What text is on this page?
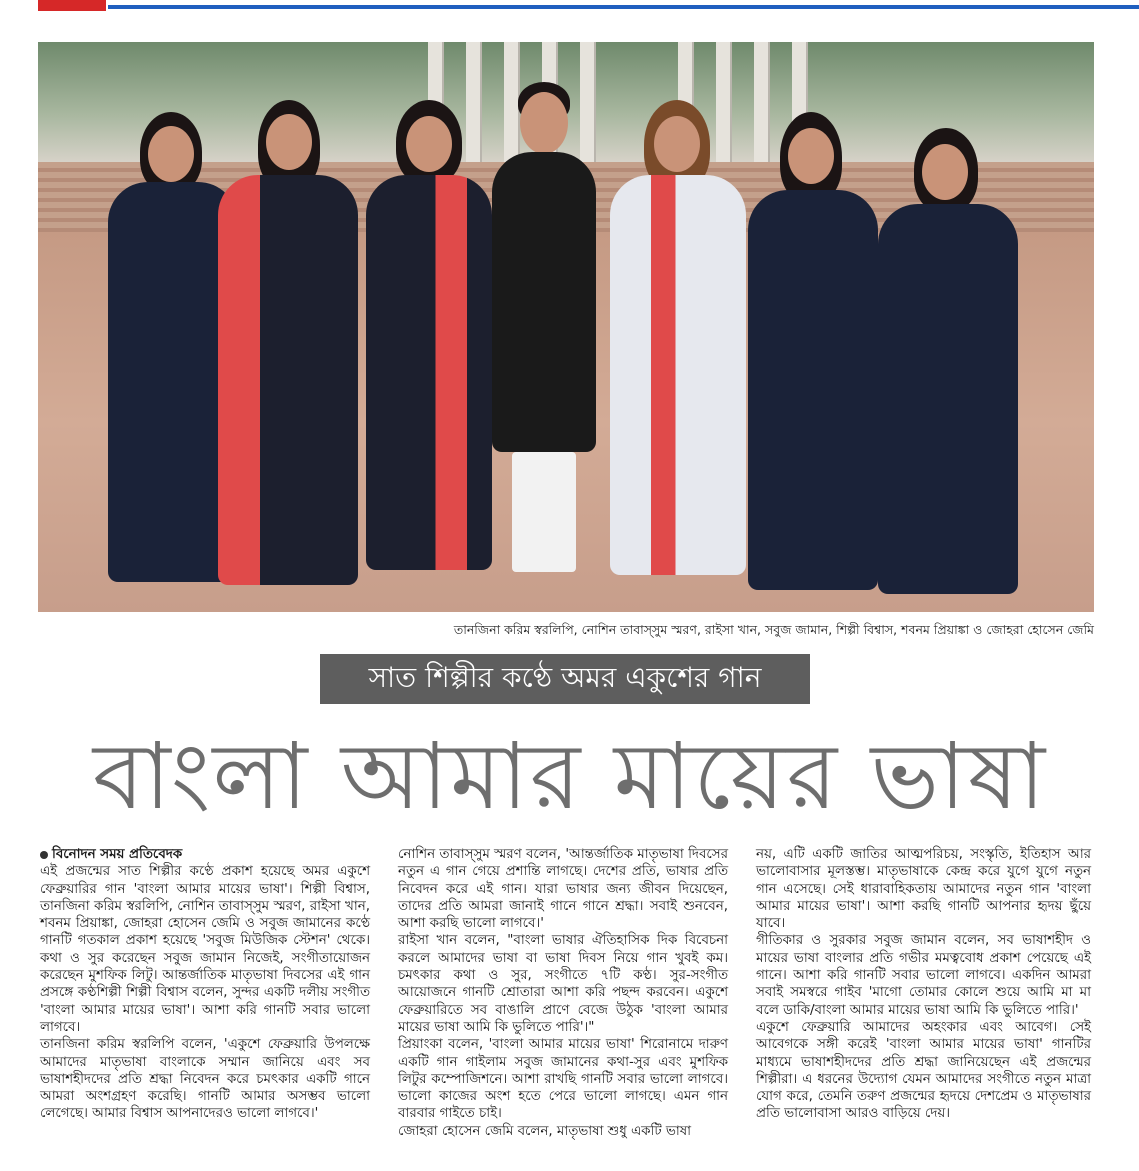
তানজিনা করিম স্বরলিপি, নোশিন তাবাস্সুম স্মরণ, রাইসা খান, সবুজ জামান, শিল্পী বিশ্বাস, শবনম প্রিয়াঙ্কা ও জোহরা হোসেন জেমি
সাত শিল্পীর কণ্ঠে অমর একুশের গান
বাংলা আমার মায়ের ভাষা
বিনোদন সময় প্রতিবেদক

এই প্রজন্মের সাত শিল্পীর কণ্ঠে প্রকাশ হয়েছে অমর একুশে ফেব্রুয়ারির গান 'বাংলা আমার মায়ের ভাষা'। শিল্পী বিশ্বাস, তানজিনা করিম স্বরলিপি, নোশিন তাবাস্সুম স্মরণ, রাইসা খান, শবনম প্রিয়াঙ্কা, জোহরা হোসেন জেমি ও সবুজ জামানের কণ্ঠে গানটি গতকাল প্রকাশ হয়েছে 'সবুজ মিউজিক স্টেশন' থেকে। কথা ও সুর করেছেন সবুজ জামান নিজেই, সংগীতায়োজন করেছেন মুশফিক লিটু। আন্তর্জাতিক মাতৃভাষা দিবসের এই গান প্রসঙ্গে কণ্ঠশিল্পী শিল্পী বিশ্বাস বলেন, সুন্দর একটি দলীয় সংগীত 'বাংলা আমার মায়ের ভাষা'। আশা করি গানটি সবার ভালো লাগবে।

তানজিনা করিম স্বরলিপি বলেন, 'একুশে ফেব্রুয়ারি উপলক্ষে আমাদের মাতৃভাষা বাংলাকে সম্মান জানিয়ে এবং সব ভাষাশহীদদের প্রতি শ্রদ্ধা নিবেদন করে চমৎকার একটি গানে আমরা অংশগ্রহণ করেছি। গানটি আমার অসম্ভব ভালো লেগেছে। আমার বিশ্বাস আপনাদেরও ভালো লাগবে।'

নোশিন তাবাস্সুম স্মরণ বলেন, 'আন্তর্জাতিক মাতৃভাষা দিবসের নতুন এ গান গেয়ে প্রশান্তি লাগছে। দেশের প্রতি, ভাষার প্রতি নিবেদন করে এই গান। যারা ভাষার জন্য জীবন দিয়েছেন, তাদের প্রতি আমরা জানাই গানে গানে শ্রদ্ধা। সবাই শুনবেন, আশা করছি ভালো লাগবে।'

রাইসা খান বলেন, "বাংলা ভাষার ঐতিহাসিক দিক বিবেচনা করলে আমাদের ভাষা বা ভাষা দিবস নিয়ে গান খুবই কম। চমৎকার কথা ও সুর, সংগীতে ৭টি কণ্ঠ। সুর-সংগীত আয়োজনে গানটি শ্রোতারা আশা করি পছন্দ করবেন। একুশে ফেব্রুয়ারিতে সব বাঙালি প্রাণে বেজে উঠুক 'বাংলা আমার মায়ের ভাষা আমি কি ভুলিতে পারি'।"

প্রিয়াংকা বলেন, 'বাংলা আমার মায়ের ভাষা' শিরোনামে দারুণ একটি গান গাইলাম সবুজ জামানের কথা-সুর এবং মুশফিক লিটুর কম্পোজিশনে। আশা রাখছি গানটি সবার ভালো লাগবে। ভালো কাজের অংশ হতে পেরে ভালো লাগছে। এমন গান বারবার গাইতে চাই।

জোহরা হোসেন জেমি বলেন, মাতৃভাষা শুধু একটি ভাষা

নয়, এটি একটি জাতির আত্মপরিচয়, সংস্কৃতি, ইতিহাস আর ভালোবাসার মূলস্তম্ভ। মাতৃভাষাকে কেন্দ্র করে যুগে যুগে নতুন গান এসেছে। সেই ধারাবাহিকতায় আমাদের নতুন গান 'বাংলা আমার মায়ের ভাষা'। আশা করছি গানটি আপনার হৃদয় ছুঁয়ে যাবে।

গীতিকার ও সুরকার সবুজ জামান বলেন, সব ভাষাশহীদ ও মায়ের ভাষা বাংলার প্রতি গভীর মমত্ববোধ প্রকাশ পেয়েছে এই গানে। আশা করি গানটি সবার ভালো লাগবে। একদিন আমরা সবাই সমস্বরে গাইব 'মাগো তোমার কোলে শুয়ে আমি মা মা বলে ডাকি/বাংলা আমার মায়ের ভাষা আমি কি ভুলিতে পারি।'

একুশে ফেব্রুয়ারি আমাদের অহংকার এবং আবেগ। সেই আবেগকে সঙ্গী করেই 'বাংলা আমার মায়ের ভাষা' গানটির মাধ্যমে ভাষাশহীদদের প্রতি শ্রদ্ধা জানিয়েছেন এই প্রজন্মের শিল্পীরা। এ ধরনের উদ্যোগ যেমন আমাদের সংগীতে নতুন মাত্রা যোগ করে, তেমনি তরুণ প্রজন্মের হৃদয়ে দেশপ্রেম ও মাতৃভাষার প্রতি ভালোবাসা আরও বাড়িয়ে দেয়।
